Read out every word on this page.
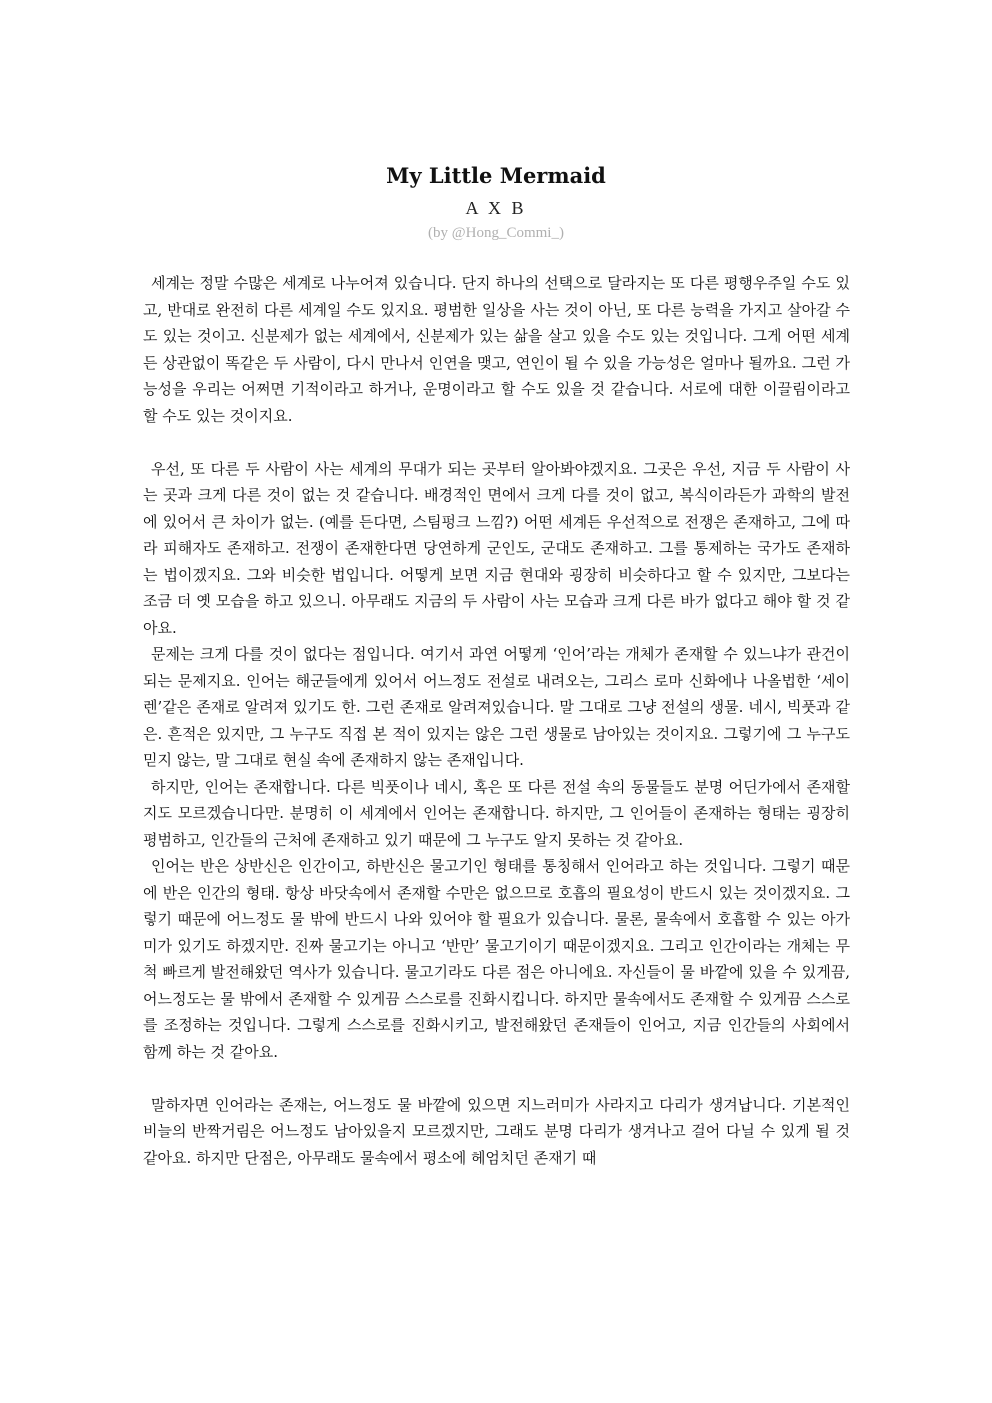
My Little Mermaid
A X B
(by @Hong_Commi_)

세계는 정말 수많은 세계로 나누어져 있습니다. 단지 하나의 선택으로 달라지는 또 다른 평행우주일 수도 있고, 반대로 완전히 다른 세계일 수도 있지요. 평범한 일상을 사는 것이 아닌, 또 다른 능력을 가지고 살아갈 수도 있는 것이고. 신분제가 없는 세계에서, 신분제가 있는 삶을 살고 있을 수도 있는 것입니다. 그게 어떤 세계든 상관없이 똑같은 두 사람이, 다시 만나서 인연을 맺고, 연인이 될 수 있을 가능성은 얼마나 될까요. 그런 가능성을 우리는 어쩌면 기적이라고 하거나, 운명이라고 할 수도 있을 것 같습니다. 서로에 대한 이끌림이라고 할 수도 있는 것이지요.

우선, 또 다른 두 사람이 사는 세계의 무대가 되는 곳부터 알아봐야겠지요. 그곳은 우선, 지금 두 사람이 사는 곳과 크게 다른 것이 없는 것 같습니다. 배경적인 면에서 크게 다를 것이 없고, 복식이라든가 과학의 발전에 있어서 큰 차이가 없는. (예를 든다면, 스팀펑크 느낌?) 어떤 세계든 우선적으로 전쟁은 존재하고, 그에 따라 피해자도 존재하고. 전쟁이 존재한다면 당연하게 군인도, 군대도 존재하고. 그를 통제하는 국가도 존재하는 법이겠지요. 그와 비슷한 법입니다. 어떻게 보면 지금 현대와 굉장히 비슷하다고 할 수 있지만, 그보다는 조금 더 옛 모습을 하고 있으니. 아무래도 지금의 두 사람이 사는 모습과 크게 다른 바가 없다고 해야 할 것 같아요.

문제는 크게 다를 것이 없다는 점입니다. 여기서 과연 어떻게 ‘인어’라는 개체가 존재할 수 있느냐가 관건이 되는 문제지요. 인어는 해군들에게 있어서 어느정도 전설로 내려오는, 그리스 로마 신화에나 나올법한 ‘세이렌’같은 존재로 알려져 있기도 한. 그런 존재로 알려져있습니다. 말 그대로 그냥 전설의 생물. 네시, 빅풋과 같은. 흔적은 있지만, 그 누구도 직접 본 적이 있지는 않은 그런 생물로 남아있는 것이지요. 그렇기에 그 누구도 믿지 않는, 말 그대로 현실 속에 존재하지 않는 존재입니다.

하지만, 인어는 존재합니다. 다른 빅풋이나 네시, 혹은 또 다른 전설 속의 동물들도 분명 어딘가에서 존재할지도 모르겠습니다만. 분명히 이 세계에서 인어는 존재합니다. 하지만, 그 인어들이 존재하는 형태는 굉장히 평범하고, 인간들의 근처에 존재하고 있기 때문에 그 누구도 알지 못하는 것 같아요.

인어는 반은 상반신은 인간이고, 하반신은 물고기인 형태를 통칭해서 인어라고 하는 것입니다. 그렇기 때문에 반은 인간의 형태. 항상 바닷속에서 존재할 수만은 없으므로 호흡의 필요성이 반드시 있는 것이겠지요. 그렇기 때문에 어느정도 물 밖에 반드시 나와 있어야 할 필요가 있습니다. 물론, 물속에서 호흡할 수 있는 아가미가 있기도 하겠지만. 진짜 물고기는 아니고 ‘반만’ 물고기이기 때문이겠지요. 그리고 인간이라는 개체는 무척 빠르게 발전해왔던 역사가 있습니다. 물고기라도 다른 점은 아니에요. 자신들이 물 바깥에 있을 수 있게끔, 어느정도는 물 밖에서 존재할 수 있게끔 스스로를 진화시킵니다. 하지만 물속에서도 존재할 수 있게끔 스스로를 조정하는 것입니다. 그렇게 스스로를 진화시키고, 발전해왔던 존재들이 인어고, 지금 인간들의 사회에서 함께 하는 것 같아요.

말하자면 인어라는 존재는, 어느정도 물 바깥에 있으면 지느러미가 사라지고 다리가 생겨납니다. 기본적인 비늘의 반짝거림은 어느정도 남아있을지 모르겠지만, 그래도 분명 다리가 생겨나고 걸어 다닐 수 있게 될 것 같아요. 하지만 단점은, 아무래도 물속에서 평소에 헤엄치던 존재기 때
